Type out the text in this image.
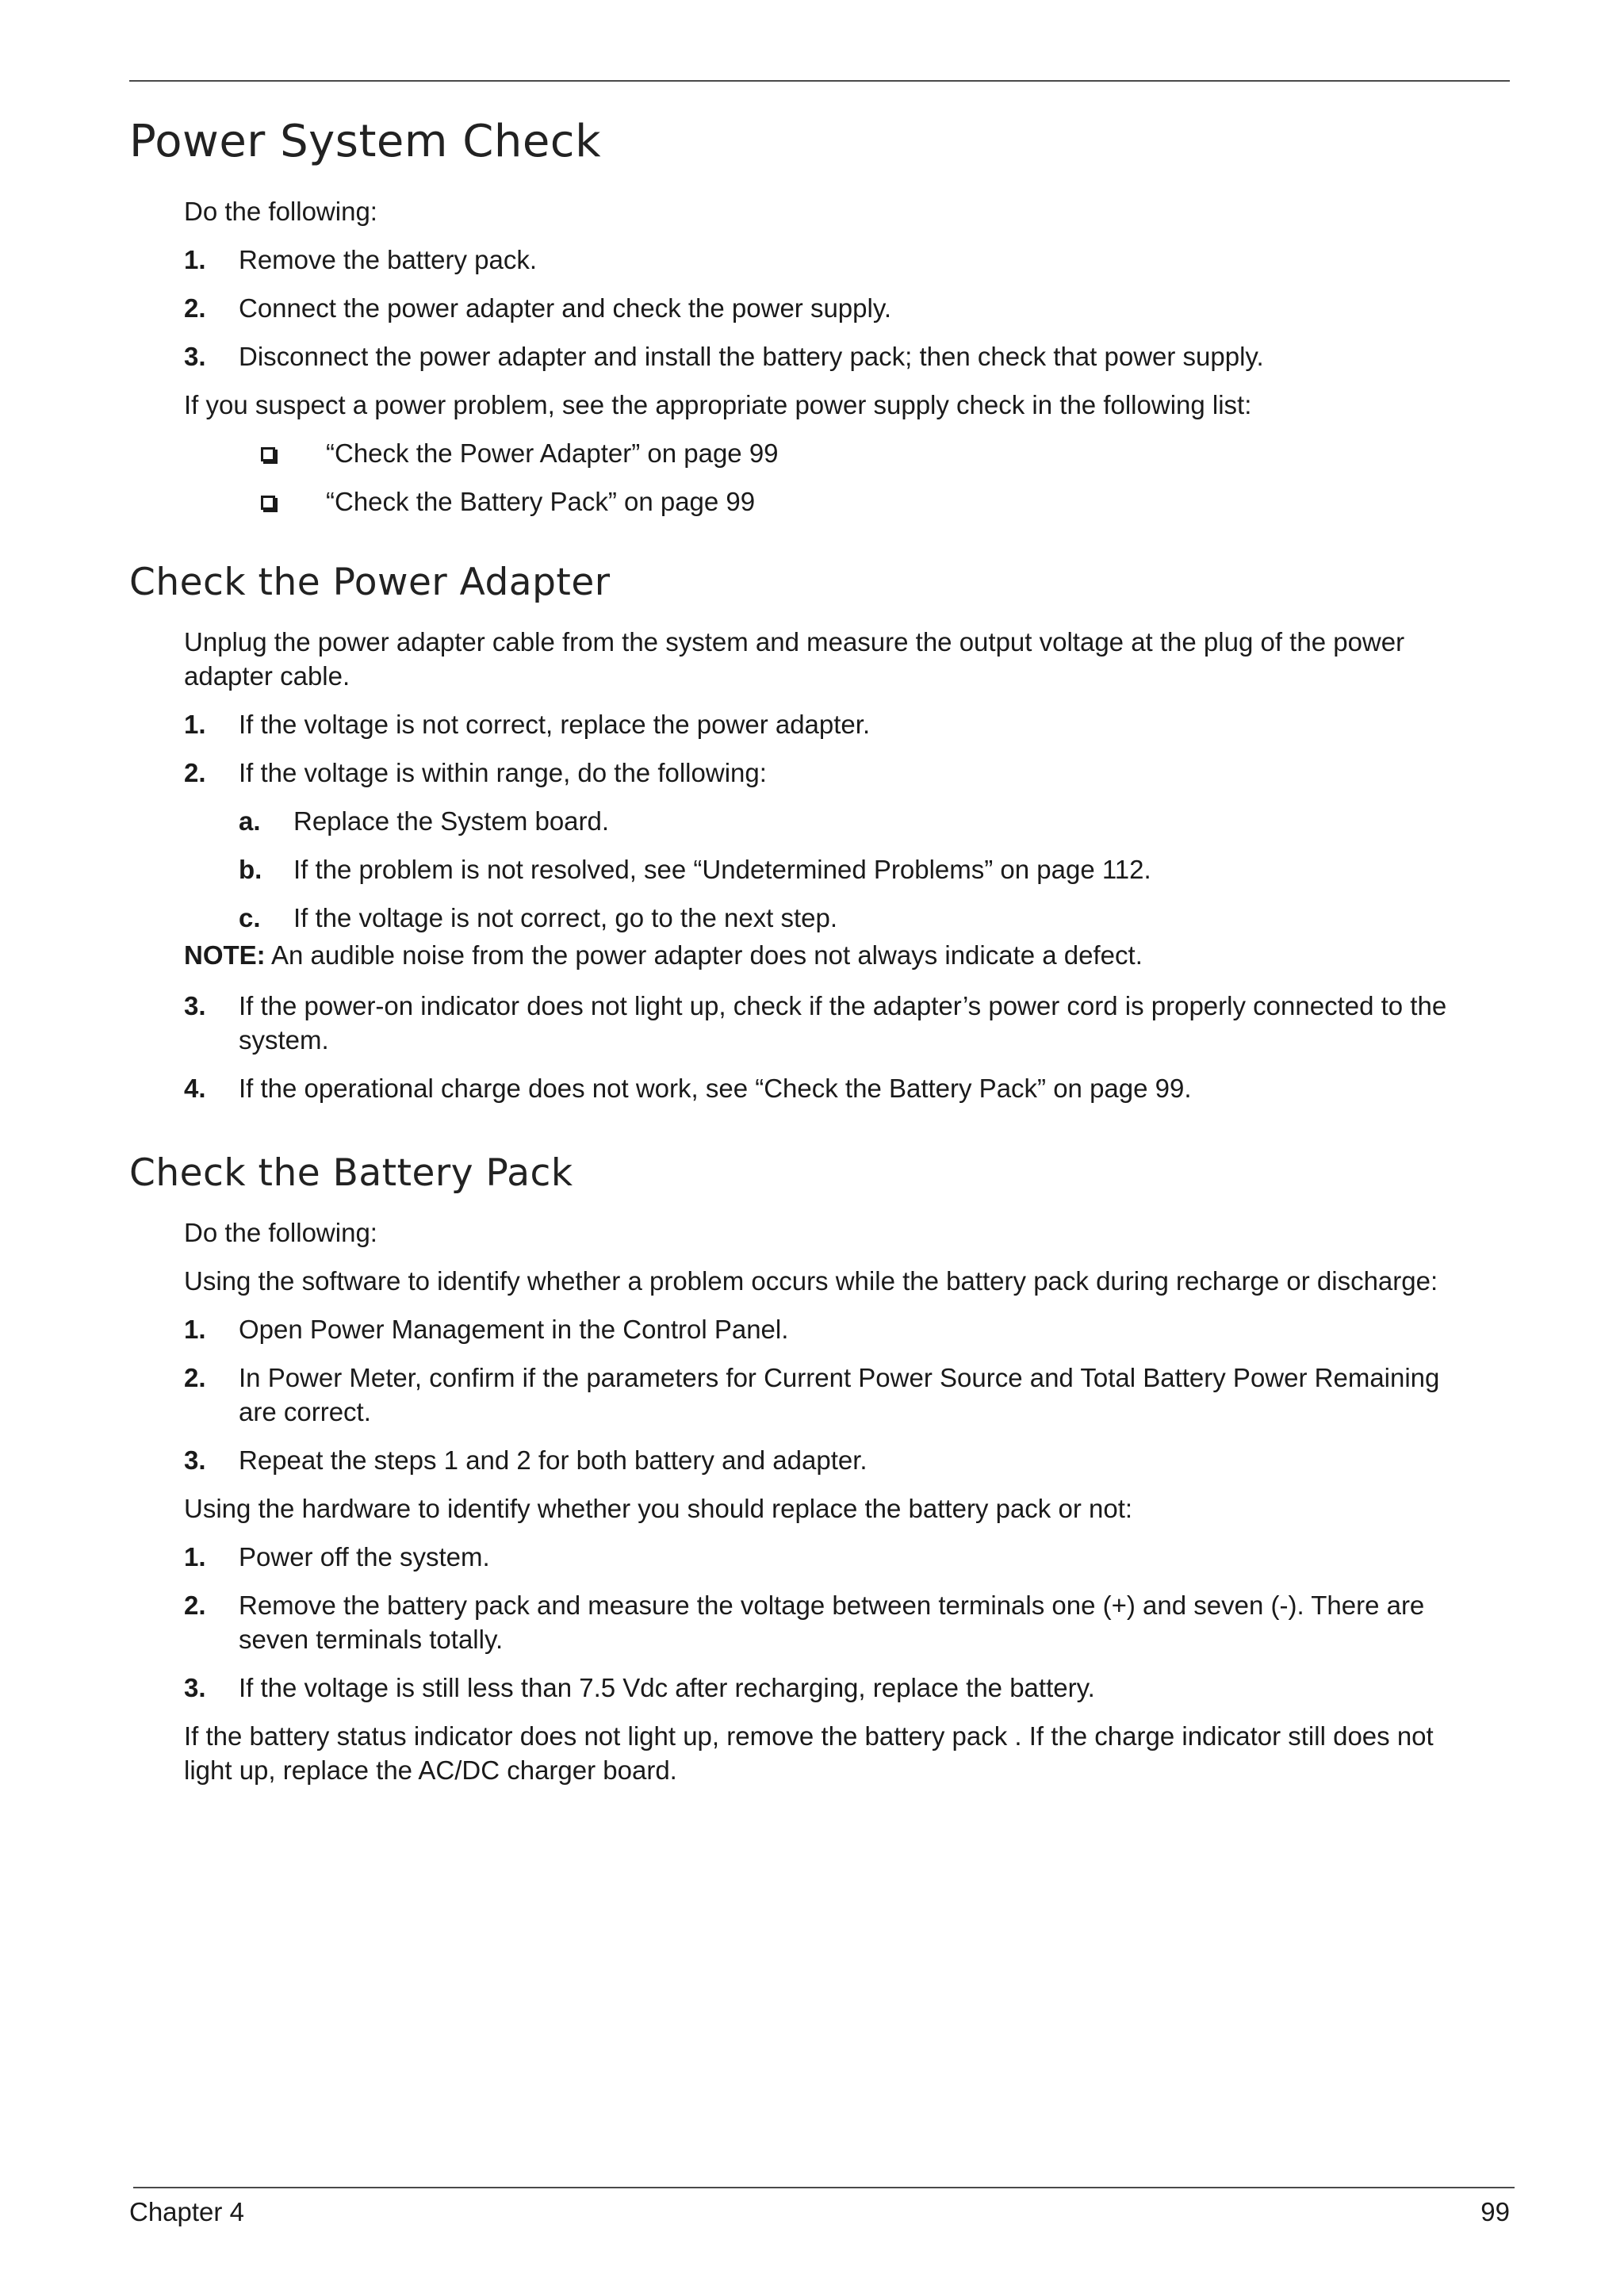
Power System Check
Do the following:
1. Remove the battery pack.
2. Connect the power adapter and check the power supply.
3. Disconnect the power adapter and install the battery pack; then check that power supply.
If you suspect a power problem, see the appropriate power supply check in the following list:
“Check the Power Adapter” on page 99
“Check the Battery Pack” on page 99
Check the Power Adapter
Unplug the power adapter cable from the system and measure the output voltage at the plug of the power
adapter cable.
1. If the voltage is not correct, replace the power adapter.
2. If the voltage is within range, do the following:
a. Replace the System board.
b. If the problem is not resolved, see “Undetermined Problems” on page 112.
c. If the voltage is not correct, go to the next step.
NOTE: An audible noise from the power adapter does not always indicate a defect.
3. If the power-on indicator does not light up, check if the adapter’s power cord is properly connected to the
system.
4. If the operational charge does not work, see “Check the Battery Pack” on page 99.
Check the Battery Pack
Do the following:
Using the software to identify whether a problem occurs while the battery pack during recharge or discharge:
1. Open Power Management in the Control Panel.
2. In Power Meter, confirm if the parameters for Current Power Source and Total Battery Power Remaining
are correct.
3. Repeat the steps 1 and 2 for both battery and adapter.
Using the hardware to identify whether you should replace the battery pack or not:
1. Power off the system.
2. Remove the battery pack and measure the voltage between terminals one (+) and seven (-). There are
seven terminals totally.
3. If the voltage is still less than 7.5 Vdc after recharging, replace the battery.
If the battery status indicator does not light up, remove the battery pack . If the charge indicator still does not
light up, replace the AC/DC charger board.
Chapter 4	99
